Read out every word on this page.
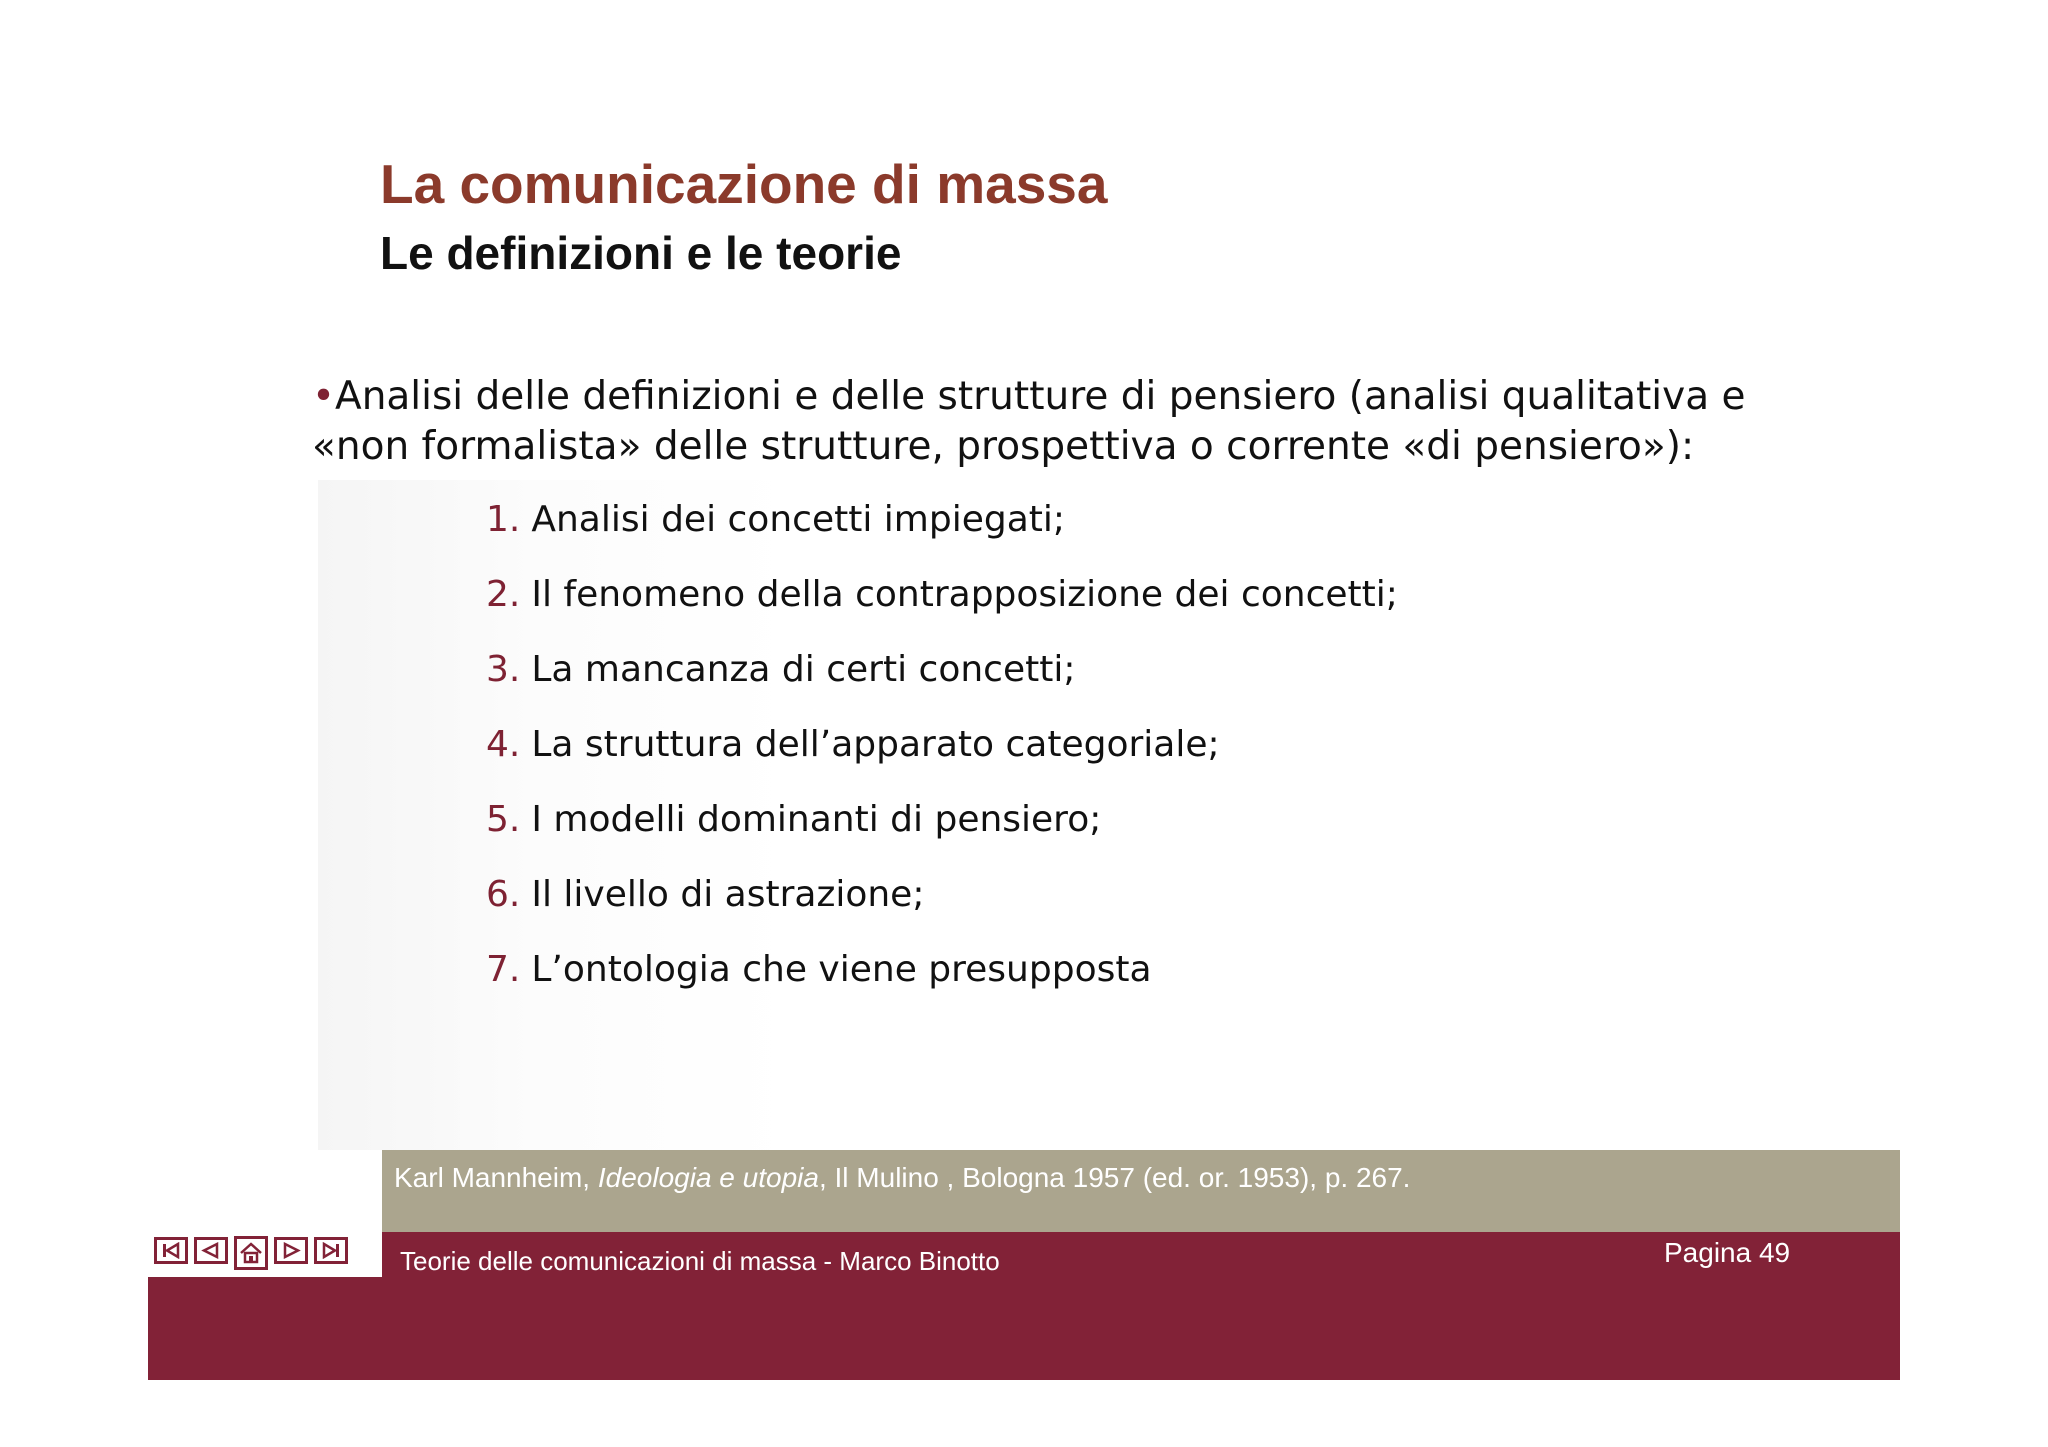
La comunicazione di massa
Le definizioni e le teorie

•Analisi delle definizioni e delle strutture di pensiero (analisi qualitativa e «non formalista» delle strutture, prospettiva o corrente «di pensiero»):

1. Analisi dei concetti impiegati;
2. Il fenomeno della contrapposizione dei concetti;
3. La mancanza di certi concetti;
4. La struttura dell’apparato categoriale;
5. I modelli dominanti di pensiero;
6. Il livello di astrazione;
7. L’ontologia che viene presupposta
Karl Mannheim, Ideologia e utopia, Il Mulino , Bologna 1957 (ed. or. 1953), p. 267.
Teorie delle comunicazioni di massa - Marco Binotto	Pagina 49
